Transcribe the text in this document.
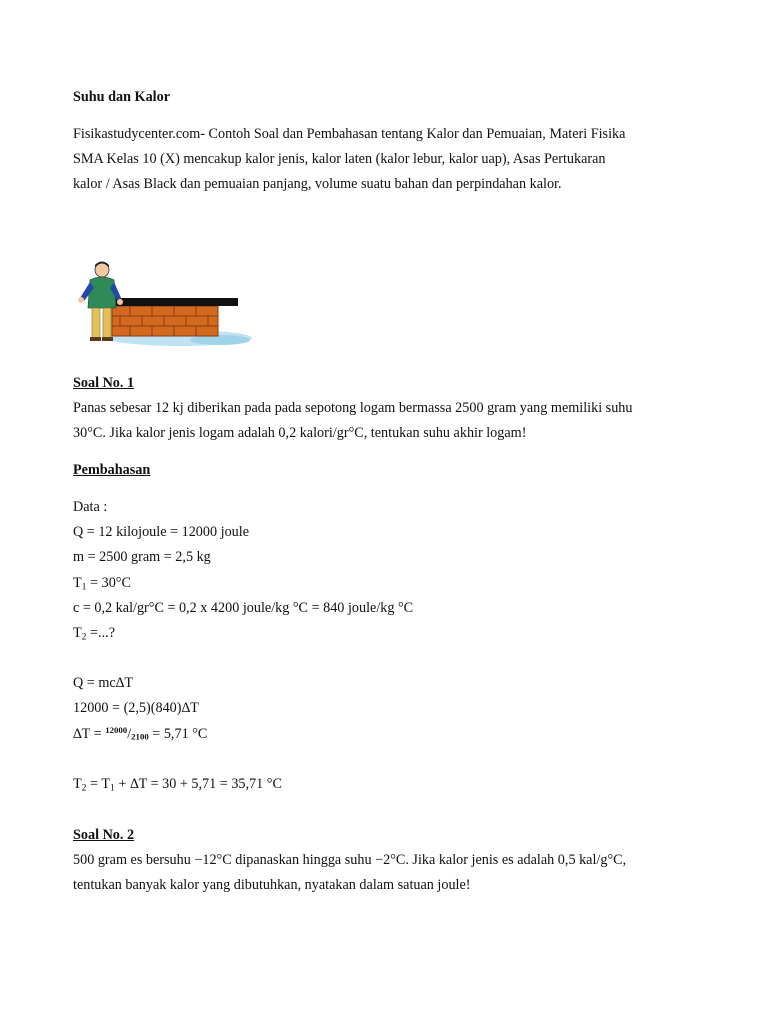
Suhu dan Kalor
Fisikastudycenter.com- Contoh Soal dan Pembahasan tentang Kalor dan Pemuaian, Materi Fisika
SMA Kelas 10 (X) mencakup kalor jenis, kalor laten (kalor lebur, kalor uap), Asas Pertukaran
kalor / Asas Black dan pemuaian panjang, volume suatu bahan dan perpindahan kalor.
Soal No. 1
Panas sebesar 12 kj diberikan pada pada sepotong logam bermassa 2500 gram yang memiliki suhu
30°C. Jika kalor jenis logam adalah 0,2 kalori/gr°C, tentukan suhu akhir logam!
Pembahasan
Data :
Q = 12 kilojoule = 12000 joule
m = 2500 gram = 2,5 kg
$T_1 = 30^\circ C$
c = 0,2 kal/gr°C = 0,2 x 4200 joule/kg °C = 840 joule/kg °C
$T_2$ =...?
Q = mc∆T
12000 = (2,5)(840)∆T
∆T = $^{12000}$/2100 = 5,71 °C
$T_2 = T_1 + \Delta T = 30 + 5,71 = 35,71$ °C
Soal No. 2
500 gram es bersuhu −12°C dipanaskan hingga suhu −2°C. Jika kalor jenis es adalah 0,5 kal/g°C,
tentukan banyak kalor yang dibutuhkan, nyatakan dalam satuan joule!
